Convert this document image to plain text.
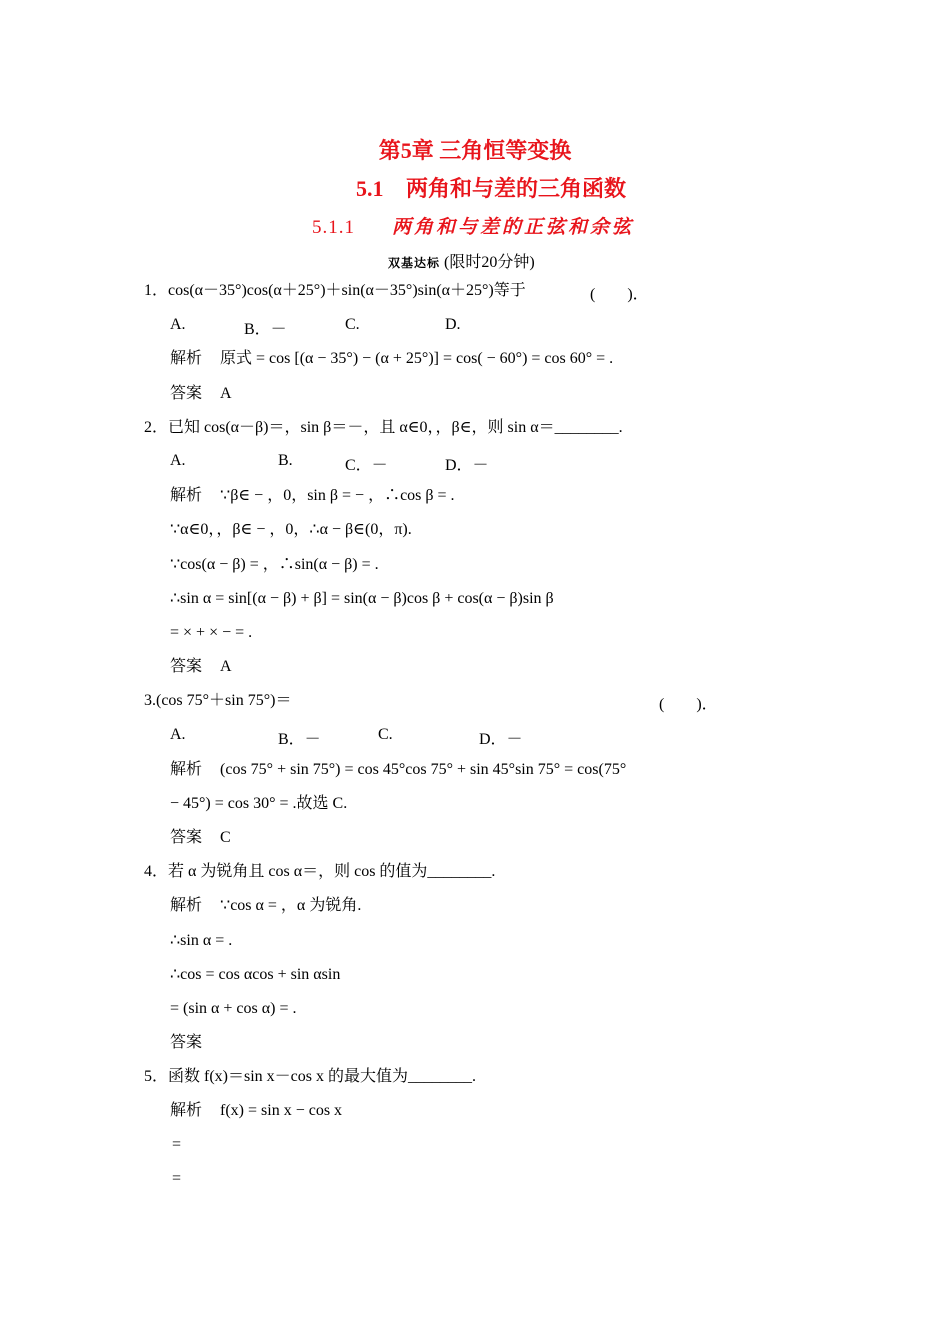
第5章 三角恒等变换
5.1 两角和与差的三角函数
5.1.1 两角和与差的正弦和余弦
双基达标 (限时20分钟)
1．cos(α－35°)cos(α＋25°)＋sin(α－35°)sin(α＋25°)等于	(　　)．
A.	B．－	C.	D.
解析 原式 = cos [(α − 35°) − (α + 25°)] = cos( − 60°) = cos 60° = .
答案 A
2．已知 cos(α－β)＝，sin β＝－，且 α∈0，，β∈，则 sin α＝________.
A.	B.	C．－	D．－
解析 ∵β∈ − ，0，sin β = − ，∴cos β = .
∵α∈0，，β∈ − ，0，∴α − β∈(0，π).
∵cos(α − β) = ，∴sin(α − β) = .
∴sin α = sin[(α − β) + β] = sin(α − β)cos β + cos(α − β)sin β
= × + × − = .
答案 A
3.(cos 75°＋sin 75°)＝	(　　)．
A.	B．－	C.	D．－
解析 (cos 75° + sin 75°) = cos 45°cos 75° + sin 45°sin 75° = cos(75°
− 45°) = cos 30° = .故选 C.
答案 C
4．若 α 为锐角且 cos α＝，则 cos 的值为________.
解析 ∵cos α = ，α 为锐角.
∴sin α = .
∴cos = cos αcos + sin αsin
= (sin α + cos α) = .
答案
5．函数 f(x)＝sin x－cos x 的最大值为________.
解析 f(x) = sin x − cos x
=
=
